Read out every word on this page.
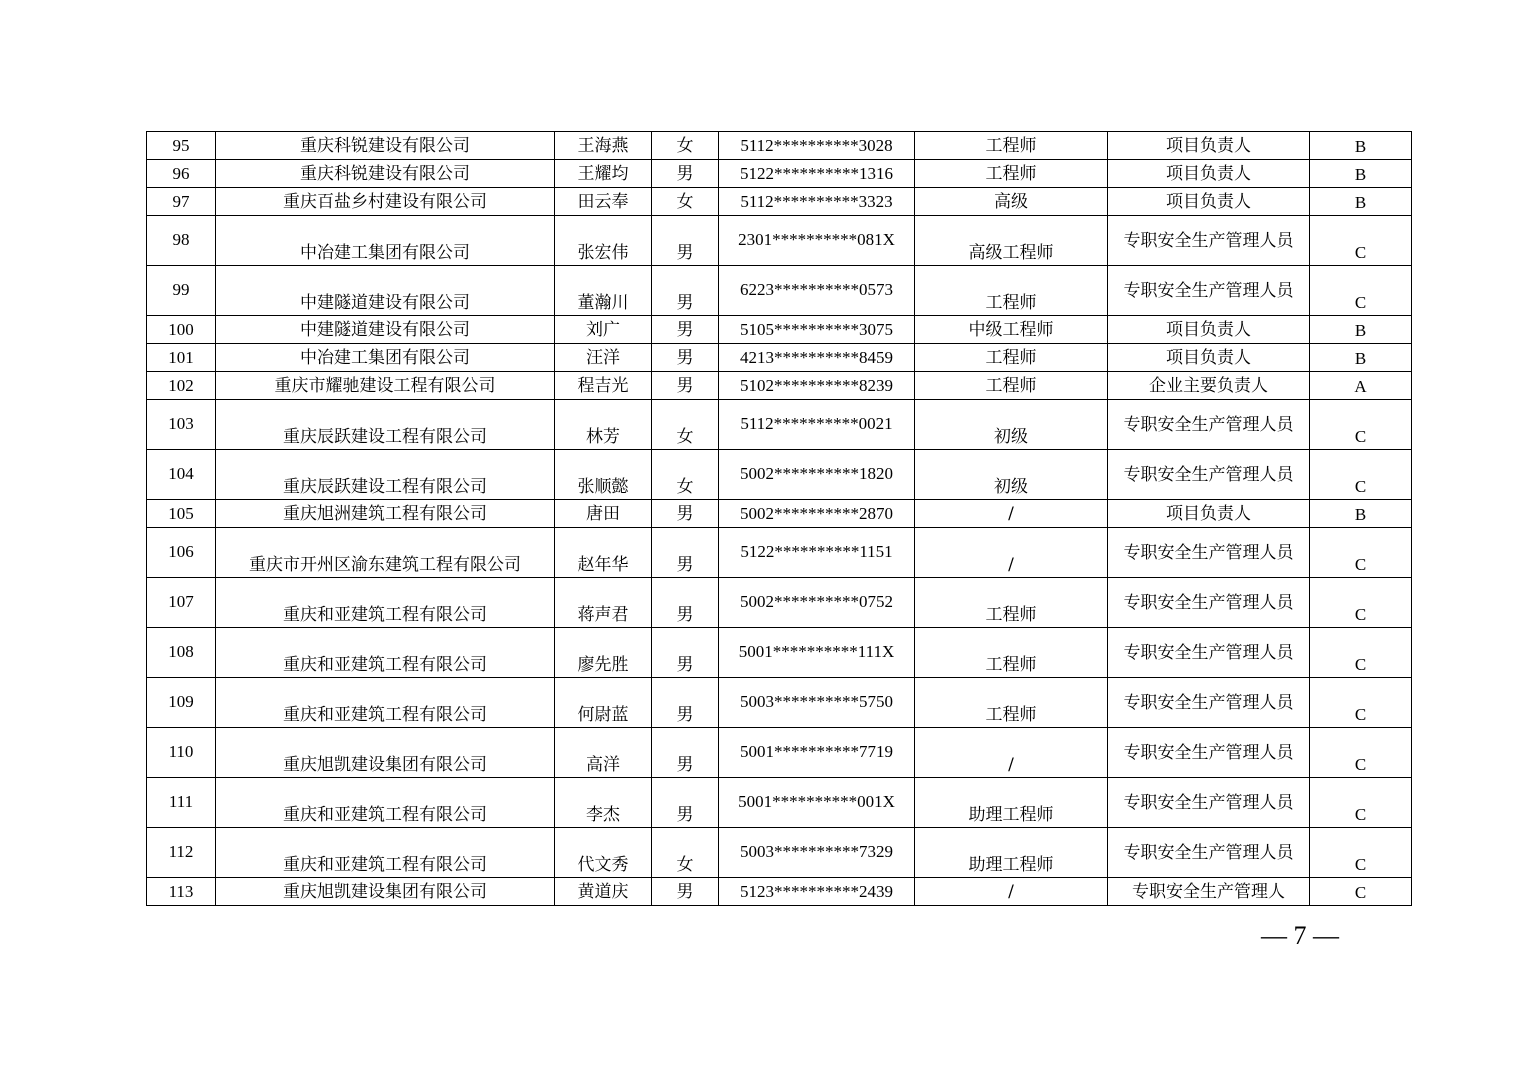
95	重庆科锐建设有限公司	王海燕	女	5112**********3028	工程师	项目负责人	B
96	重庆科锐建设有限公司	王耀均	男	5122**********1316	工程师	项目负责人	B
97	重庆百盐乡村建设有限公司	田云奉	女	5112**********3323	高级	项目负责人	B

98	中冶建工集团有限公司	张宏伟	男	2301**********081X	高级工程师	专职安全生产管理人员	C

99	中建隧道建设有限公司	董瀚川	男	6223**********0573	工程师	专职安全生产管理人员	C
100	中建隧道建设有限公司	刘广	男	5105**********3075	中级工程师	项目负责人	B
101	中冶建工集团有限公司	汪洋	男	4213**********8459	工程师	项目负责人	B
102	重庆市耀驰建设工程有限公司	程吉光	男	5102**********8239	工程师	企业主要负责人	A

103	重庆辰跃建设工程有限公司	林芳	女	5112**********0021	初级	专职安全生产管理人员	C

104	重庆辰跃建设工程有限公司	张顺懿	女	5002**********1820	初级	专职安全生产管理人员	C
105	重庆旭洲建筑工程有限公司	唐田	男	5002**********2870	/	项目负责人	B

106	重庆市开州区渝东建筑工程有限公司	赵年华	男	5122**********1151	/	专职安全生产管理人员	C

107	重庆和亚建筑工程有限公司	蒋声君	男	5002**********0752	工程师	专职安全生产管理人员	C

108	重庆和亚建筑工程有限公司	廖先胜	男	5001**********111X	工程师	专职安全生产管理人员	C

109	重庆和亚建筑工程有限公司	何尉蓝	男	5003**********5750	工程师	专职安全生产管理人员	C

110	重庆旭凯建设集团有限公司	高洋	男	5001**********7719	/	专职安全生产管理人员	C

111	重庆和亚建筑工程有限公司	李杰	男	5001**********001X	助理工程师	专职安全生产管理人员	C

112	重庆和亚建筑工程有限公司	代文秀	女	5003**********7329	助理工程师	专职安全生产管理人员	C
113	重庆旭凯建设集团有限公司	黄道庆	男	5123**********2439	/	专职安全生产管理人	C
— 7 —
